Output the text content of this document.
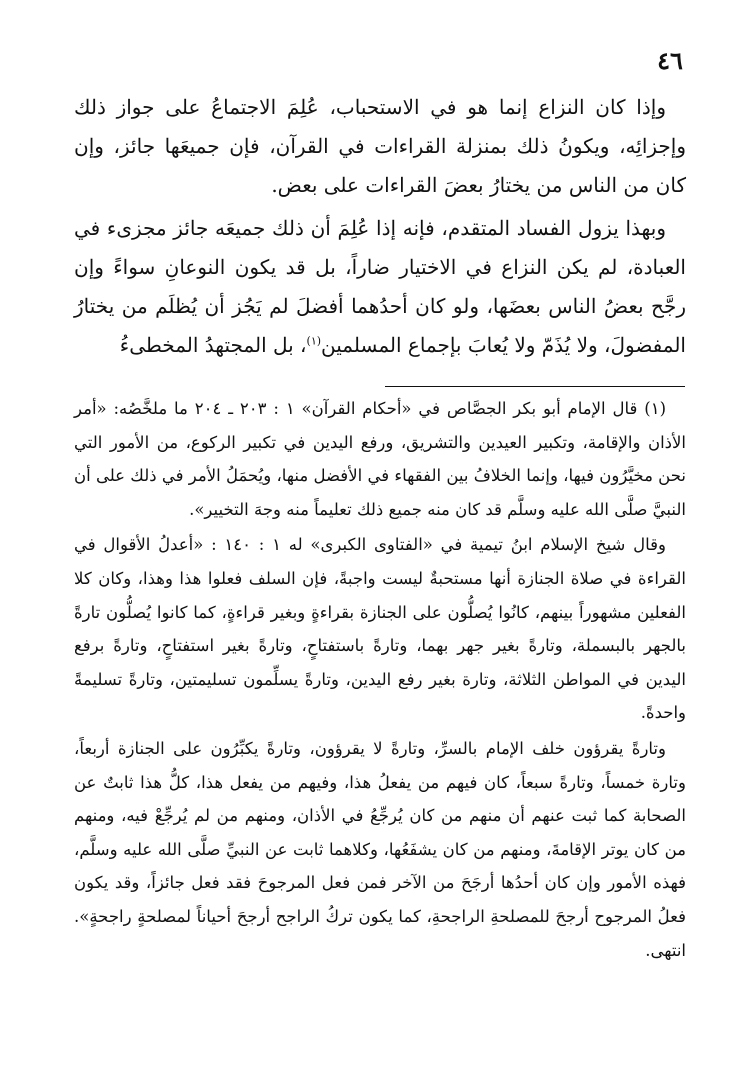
٤٦

وإذا كان النزاع إنما هو في الاستحباب، عُلِمَ الاجتماعُ على جواز ذلك وإجزائِه، ويكونُ ذلك بمنزلة القراءات في القرآن، فإن جميعَها جائز، وإن كان من الناس من يختارُ بعضَ القراءات على بعض.

وبهذا يزول الفساد المتقدم، فإنه إذا عُلِمَ أن ذلك جميعَه جائز مجزىء في العبادة، لم يكن النزاع في الاختيار ضاراً، بل قد يكون النوعانِ سواءً وإن رجَّح بعضُ الناس بعضَها، ولو كان أحدُهما أفضلَ لم يَجُز أن يُظلَم من يختارُ المفضولَ، ولا يُذَمّ ولا يُعابَ بإجماع المسلمين$^{(١)}$، بل المجتهدُ المخطىءُ

(١) قال الإمام أبو بكر الجصَّاص في «أحكام القرآن» ١ : ٢٠٣ ـ ٢٠٤ ما ملخَّصُه: «أمر الأذان والإقامة، وتكبير العيدين والتشريق، ورفع اليدين في تكبير الركوع، من الأمور التي نحن مخيَّرُون فيها، وإنما الخلافُ بين الفقهاء في الأفضل منها، ويُحمَلُ الأمر في ذلك على أن النبيَّ صلَّى الله عليه وسلَّم قد كان منه جميع ذلك تعليماً منه وجهَ التخيير».

وقال شيخ الإسلام ابنُ تيمية في «الفتاوى الكبرى» له ١ : ١٤٠ : «أعدلُ الأقوال في القراءة في صلاة الجنازة أنها مستحبةٌ ليست واجبةً، فإن السلف فعلوا هذا وهذا، وكان كلا الفعلين مشهوراً بينهم، كانُوا يُصلُّون على الجنازة بقراءةٍ وبغير قراءةٍ، كما كانوا يُصلُّون تارةً بالجهر بالبسملة، وتارةً بغير جهر بهما، وتارةً باستفتاحٍ، وتارةً بغير استفتاحٍ، وتارةً برفع اليدين في المواطن الثلاثة، وتارة بغير رفع اليدين، وتارةً يسلِّمون تسليمتين، وتارةً تسليمةً واحدةً.

وتارةً يقرؤون خلف الإمام بالسرِّ، وتارةً لا يقرؤون، وتارةً يكبِّرُون على الجنازة أربعاً، وتارة خمساً، وتارةً سبعاً، كان فيهم من يفعلُ هذا، وفيهم من يفعل هذا، كلُّ هذا ثابتٌ عن الصحابة كما ثبت عنهم أن منهم من كان يُرجِّعُ في الأذان، ومنهم من لم يُرجِّعْ فيه، ومنهم من كان يوتر الإقامةَ، ومنهم من كان يشفَعُها، وكلاهما ثابت عن النبيِّ صلَّى الله عليه وسلَّم، فهذه الأمور وإن كان أحدُها أرجَحَ من الآخر فمن فعل المرجوحَ فقد فعل جائزاً، وقد يكون فعلُ المرجوح أرجحَ للمصلحةِ الراجحةِ، كما يكون تركُ الراجح أرجحَ أحياناً لمصلحةٍ راجحةٍ». انتهى.
